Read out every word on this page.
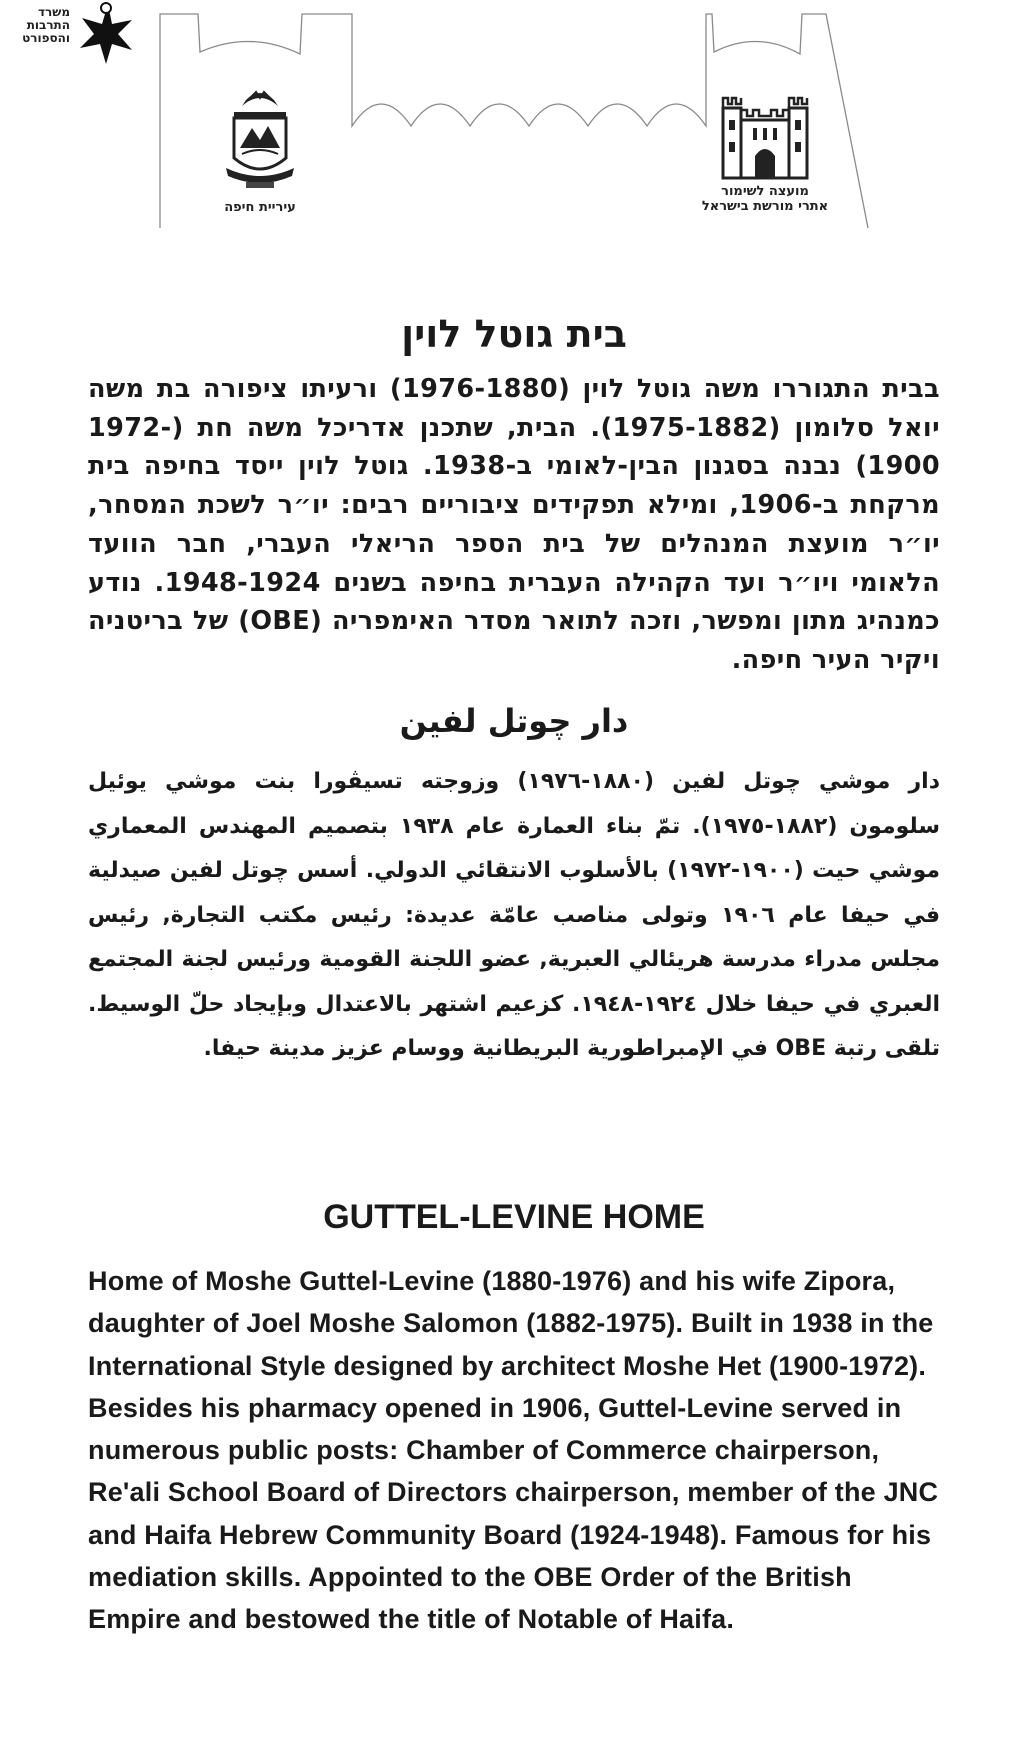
עיריית חיפה
מועצה לשימור
אתרי מורשת בישראל
משרד
התרבות
והספורט
בית גוטל לוין
בבית התגוררו משה גוטל לוין (1976-1880) ורעיתו ציפורה בת משה יואל סלומון (1975-1882). הבית, שתכנן אדריכל משה חת (1972-1900) נבנה בסגנון הבין-לאומי ב-1938. גוטל לוין ייסד בחיפה בית מרקחת ב-1906, ומילא תפקידים ציבוריים רבים: יו״ר לשכת המסחר, יו״ר מועצת המנהלים של בית הספר הריאלי העברי, חבר הוועד הלאומי ויו״ר ועד הקהילה העברית בחיפה בשנים 1948-1924. נודע כמנהיג מתון ומפשר, וזכה לתואר מסדר האימפריה (OBE) של בריטניה ויקיר העיר חיפה.
دار چوتل لفين
دار موشي چوتل لفين (١٨٨٠-١٩٧٦) وزوجته تسيڤورا بنت موشي يوئيل سلومون (١٨٨٢-١٩٧٥). تمّ بناء العمارة عام ١٩٣٨ بتصميم المهندس المعماري موشي حيت (١٩٠٠-١٩٧٢) بالأسلوب الانتقائي الدولي. أسس چوتل لفين صيدلية في حيفا عام ١٩٠٦ وتولى مناصب عامّة عديدة: رئيس مكتب التجارة, رئيس مجلس مدراء مدرسة هريئالي العبرية, عضو اللجنة القومية ورئيس لجنة المجتمع العبري في حيفا خلال ١٩٢٤-١٩٤٨. كزعيم اشتهر بالاعتدال وبإيجاد حلّ الوسيط. تلقى رتبة OBE في الإمبراطورية البريطانية ووسام عزيز مدينة حيفا.
GUTTEL-LEVINE HOME
Home of Moshe Guttel-Levine (1880-1976) and his wife Zipora, daughter of Joel Moshe Salomon (1882-1975). Built in 1938 in the International Style designed by architect Moshe Het (1900-1972). Besides his pharmacy opened in 1906, Guttel-Levine served in numerous public posts: Chamber of Commerce chairperson, Re'ali School Board of Directors chairperson, member of the JNC and Haifa Hebrew Community Board (1924-1948). Famous for his mediation skills. Appointed to the OBE Order of the British Empire and bestowed the title of Notable of Haifa.
